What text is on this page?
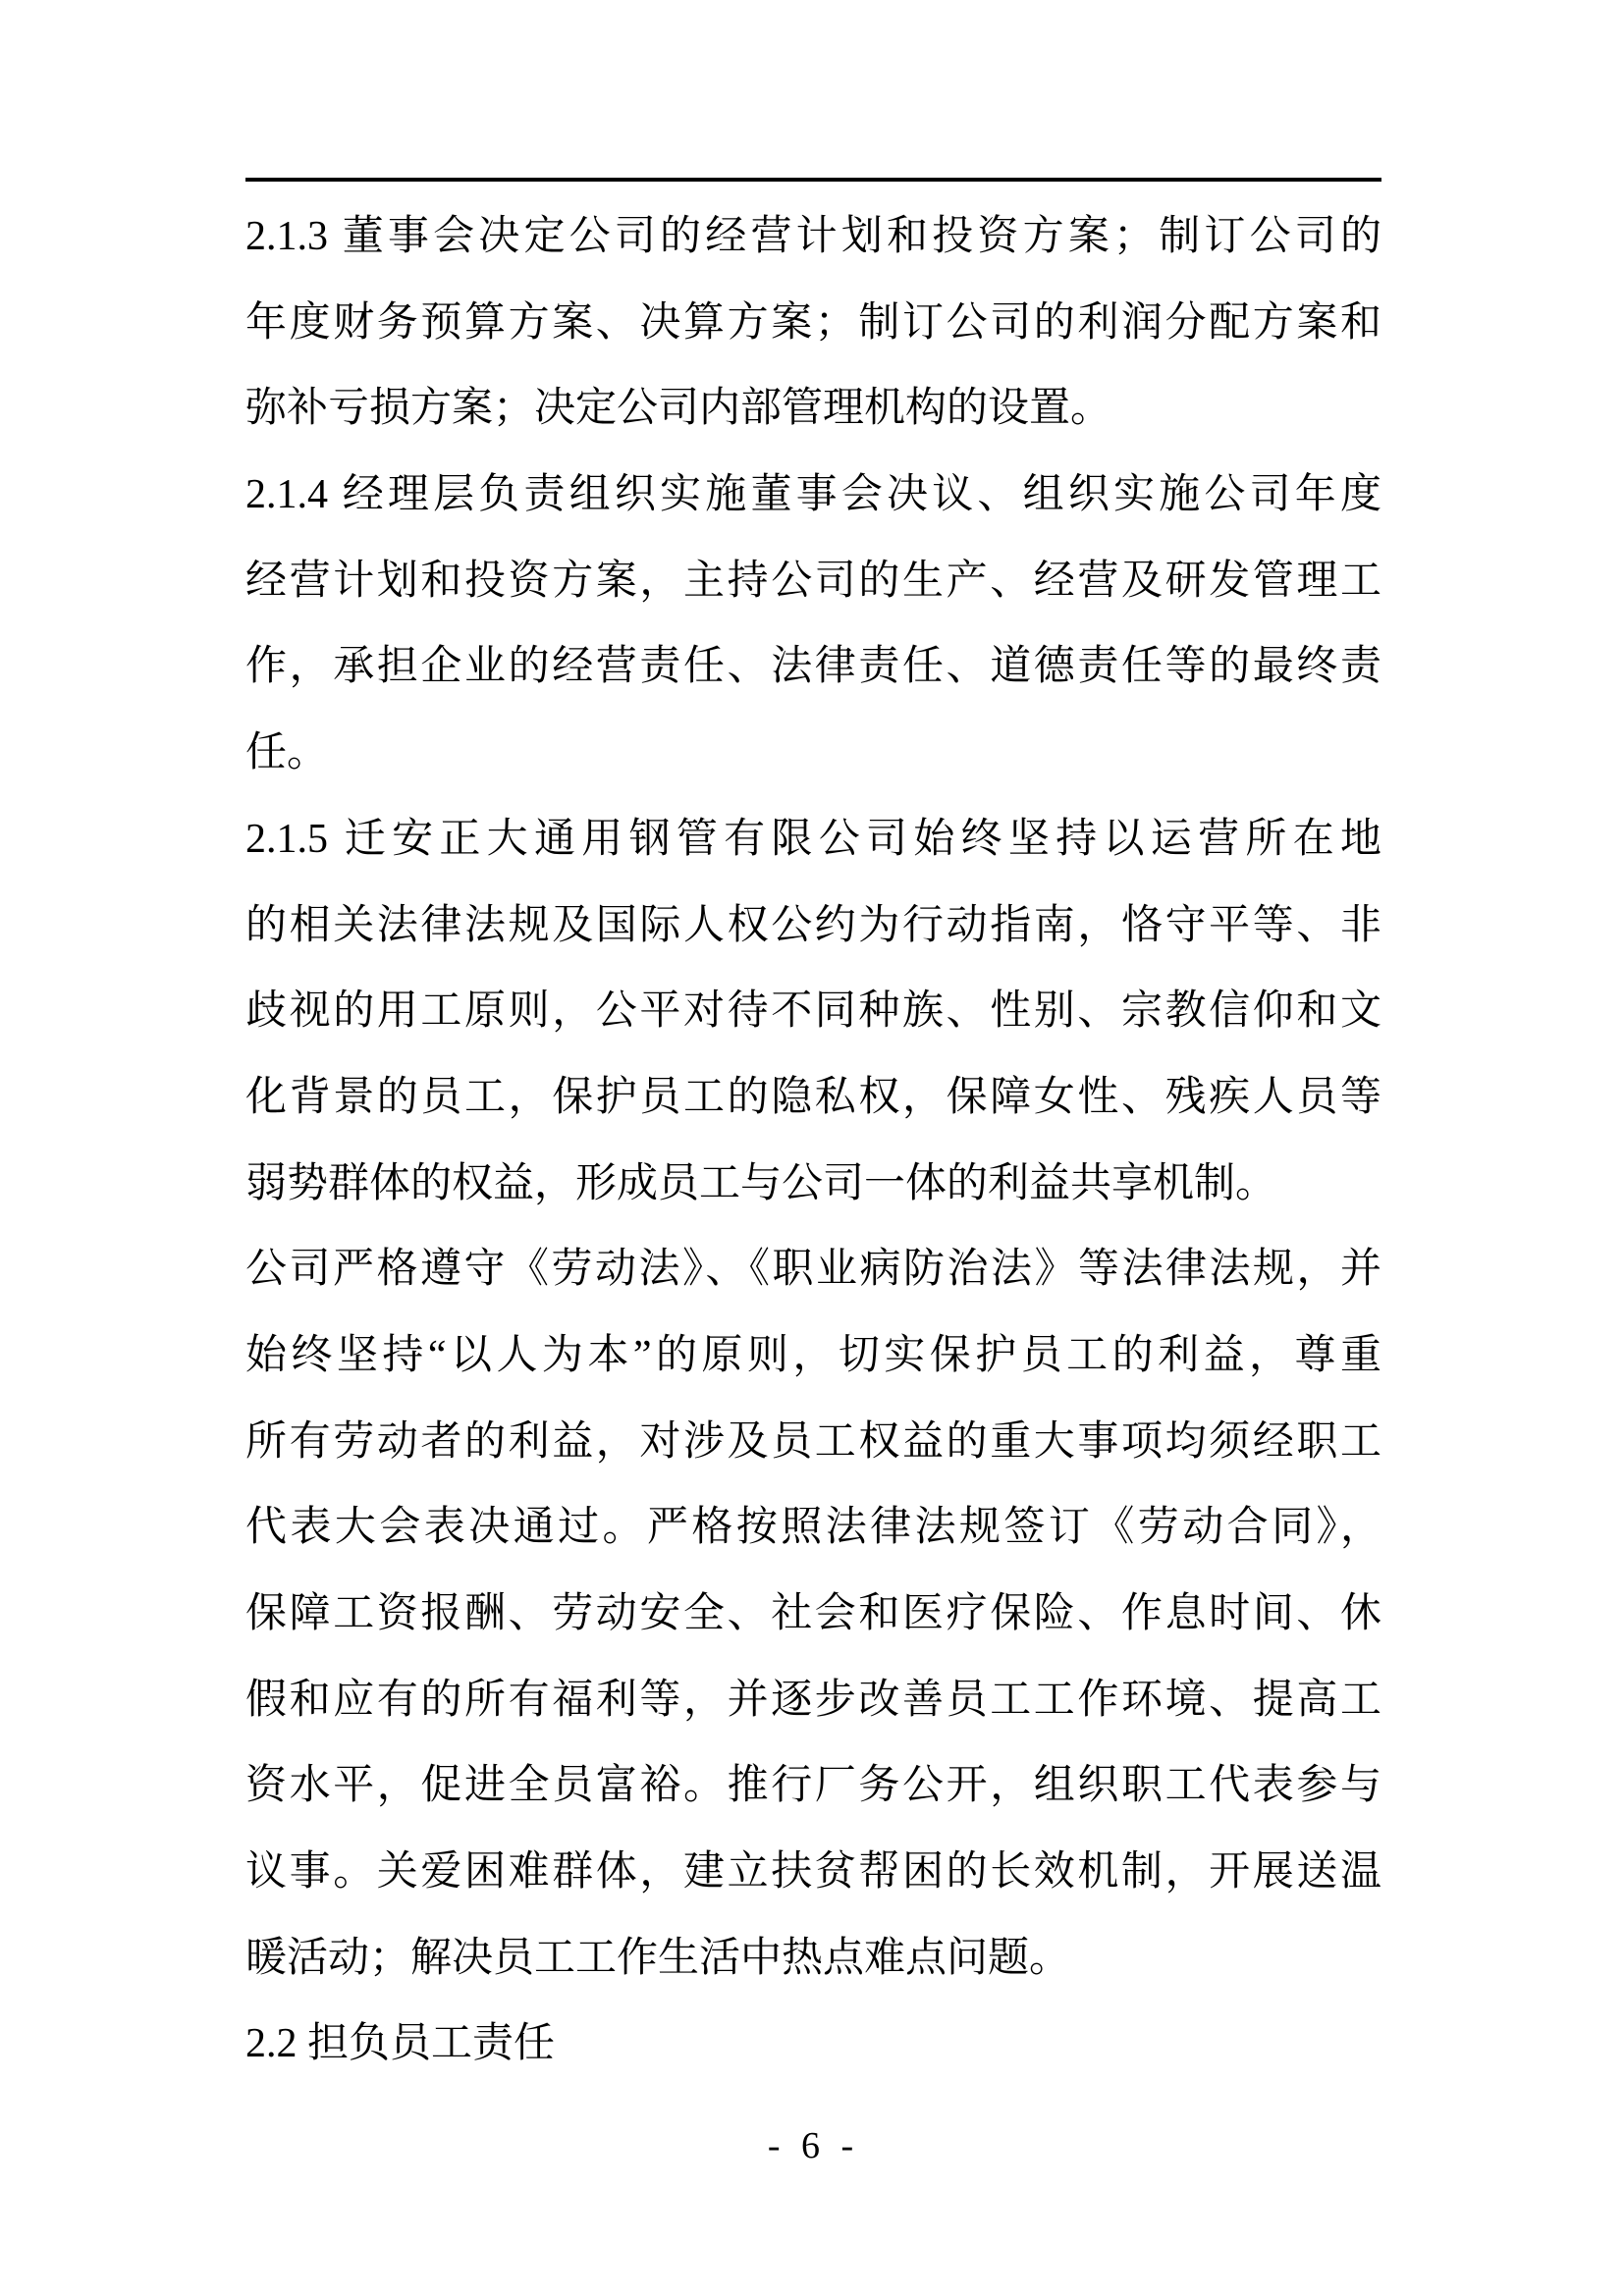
2.1.3 董事会决定公司的经营计划和投资方案；制订公司的
年度财务预算方案、决算方案；制订公司的利润分配方案和
弥补亏损方案；决定公司内部管理机构的设置。
2.1.4 经理层负责组织实施董事会决议、组织实施公司年度
经营计划和投资方案，主持公司的生产、经营及研发管理工
作，承担企业的经营责任、法律责任、道德责任等的最终责
任。
2.1.5 迁安正大通用钢管有限公司始终坚持以运营所在地
的相关法律法规及国际人权公约为行动指南，恪守平等、非
歧视的用工原则，公平对待不同种族、性别、宗教信仰和文
化背景的员工，保护员工的隐私权，保障女性、残疾人员等
弱势群体的权益，形成员工与公司一体的利益共享机制。
公司严格遵守《劳动法》、《职业病防治法》等法律法规，并
始终坚持“以人为本”的原则，切实保护员工的利益，尊重
所有劳动者的利益，对涉及员工权益的重大事项均须经职工
代表大会表决通过。严格按照法律法规签订《劳动合同》，
保障工资报酬、劳动安全、社会和医疗保险、作息时间、休
假和应有的所有福利等，并逐步改善员工工作环境、提高工
资水平，促进全员富裕。推行厂务公开，组织职工代表参与
议事。关爱困难群体，建立扶贫帮困的长效机制，开展送温
暖活动；解决员工工作生活中热点难点问题。
2.2 担负员工责任
- 6 -
